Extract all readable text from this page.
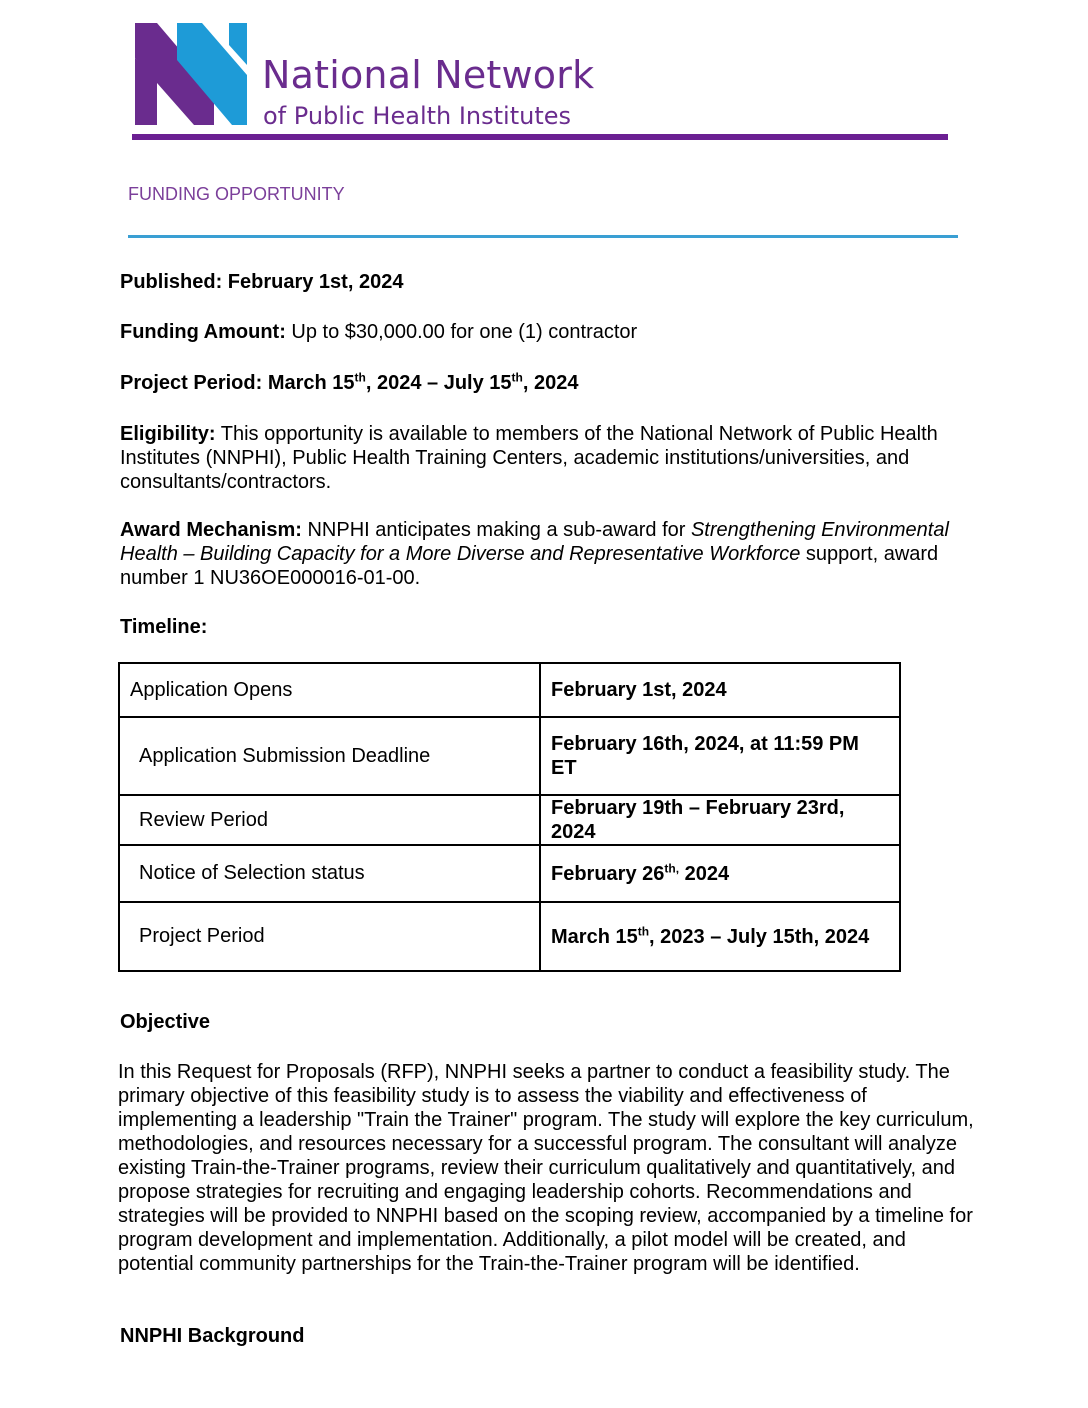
National Network

of Public Health Institutes

FUNDING OPPORTUNITY

Published: February 1st, 2024

Funding Amount: Up to $30,000.00 for one (1) contractor

Project Period: March 15th, 2024 – July 15th, 2024

Eligibility: This opportunity is available to members of the National Network of Public Health Institutes (NNPHI), Public Health Training Centers, academic institutions/universities, and consultants/contractors.

Award Mechanism: NNPHI anticipates making a sub-award for Strengthening Environmental Health – Building Capacity for a More Diverse and Representative Workforce support, award number 1 NU36OE000016-01-00.

Timeline:

Application Opens	February 1st, 2024
Application Submission Deadline	February 16th, 2024, at 11:59 PM ET
Review Period	February 19th – February 23rd, 2024
Notice of Selection status	February $26^{th,}$ 2024
Project Period	March 15th, 2023 – July 15th, 2024

Objective

In this Request for Proposals (RFP), NNPHI seeks a partner to conduct a feasibility study. The primary objective of this feasibility study is to assess the viability and effectiveness of implementing a leadership "Train the Trainer" program. The study will explore the key curriculum, methodologies, and resources necessary for a successful program. The consultant will analyze existing Train-the-Trainer programs, review their curriculum qualitatively and quantitatively, and propose strategies for recruiting and engaging leadership cohorts. Recommendations and strategies will be provided to NNPHI based on the scoping review, accompanied by a timeline for program development and implementation. Additionally, a pilot model will be created, and potential community partnerships for the Train-the-Trainer program will be identified.

NNPHI Background
